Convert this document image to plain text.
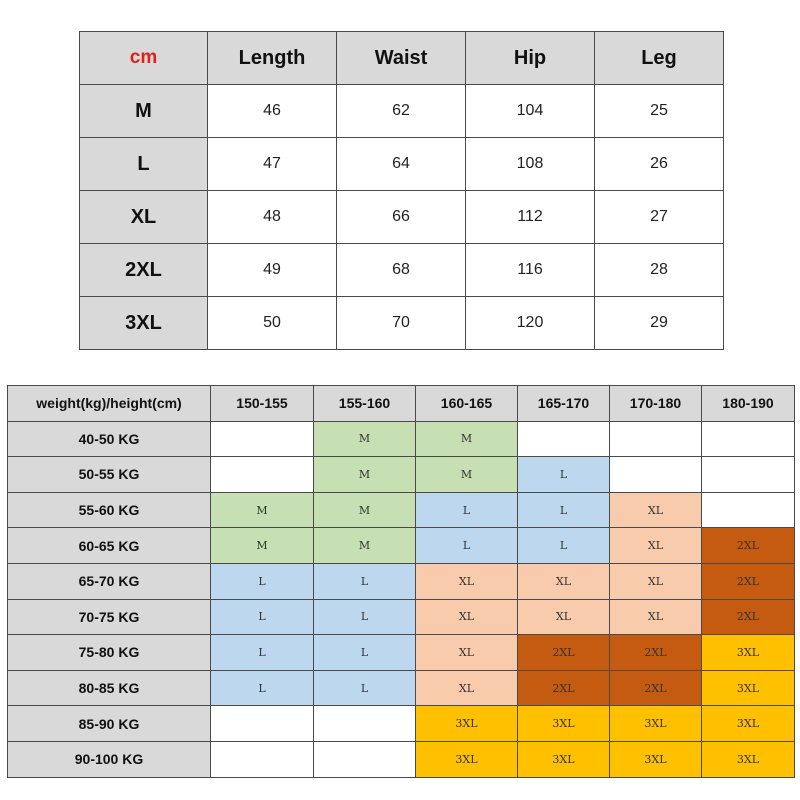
cm	Length	Waist	Hip	Leg
M	46	62	104	25
L	47	64	108	26
XL	48	66	112	27
2XL	49	68	116	28
3XL	50	70	120	29
weight(kg)/height(cm)	150-155	155-160	160-165	165-170	170-180	180-190
40-50 KG		M	M			
50-55 KG		M	M	L		
55-60 KG	M	M	L	L	XL	
60-65 KG	M	M	L	L	XL	2XL
65-70 KG	L	L	XL	XL	XL	2XL
70-75 KG	L	L	XL	XL	XL	2XL
75-80 KG	L	L	XL	2XL	2XL	3XL
80-85 KG	L	L	XL	2XL	2XL	3XL
85-90 KG			3XL	3XL	3XL	3XL
90-100 KG			3XL	3XL	3XL	3XL
